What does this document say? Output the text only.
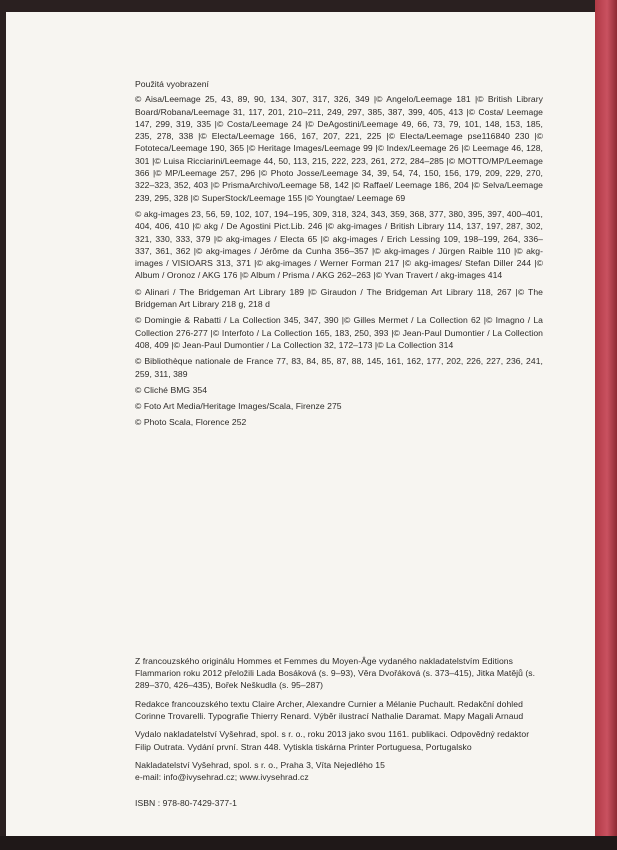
Použitá vyobrazení

© Aisa/Leemage 25, 43, 89, 90, 134, 307, 317, 326, 349 |© Angelo/Leemage 181 |© British Library Board/Robana/Leemage 31, 117, 201, 210–211, 249, 297, 385, 387, 399, 405, 413 |© Costa/ Leemage 147, 299, 319, 335 |© Costa/Leemage 24 |© DeAgostini/Leemage 49, 66, 73, 79, 101, 148, 153, 185, 235, 278, 338 |© Electa/Leemage 166, 167, 207, 221, 225 |© Electa/Leemage pse116840 230 |© Fototeca/Leemage 190, 365 |© Heritage Images/Leemage 99 |© Index/Leemage 26 |© Leemage 46, 128, 301 |© Luisa Ricciarini/Leemage 44, 50, 113, 215, 222, 223, 261, 272, 284–285 |© MOTTO/MP/Leemage 366 |© MP/Leemage 257, 296 |© Photo Josse/Leemage 34, 39, 54, 74, 150, 156, 179, 209, 229, 270, 322–323, 352, 403 |© PrismaArchivo/Leemage 58, 142 |© Raffael/ Leemage 186, 204 |© Selva/Leemage 239, 295, 328 |© SuperStock/Leemage 155 |© Youngtae/ Leemage 69

© akg-images 23, 56, 59, 102, 107, 194–195, 309, 318, 324, 343, 359, 368, 377, 380, 395, 397, 400–401, 404, 406, 410 |© akg / De Agostini Pict.Lib. 246 |© akg-images / British Library 114, 137, 197, 287, 302, 321, 330, 333, 379 |© akg-images / Electa 65 |© akg-images / Erich Lessing 109, 198–199, 264, 336–337, 361, 362 |© akg-images / Jérôme da Cunha 356–357 |© akg-images / Jürgen Raible 110 |© akg-images / VISIOARS 313, 371 |© akg-images / Werner Forman 217 |© akg-images/ Stefan Diller 244 |© Album / Oronoz / AKG 176 |© Album / Prisma / AKG 262–263 |© Yvan Travert / akg-images 414

© Alinari / The Bridgeman Art Library 189 |© Giraudon / The Bridgeman Art Library 118, 267 |© The Bridgeman Art Library 218 g, 218 d

© Domingie & Rabatti / La Collection 345, 347, 390 |© Gilles Mermet / La Collection 62 |© Imagno / La Collection 276-277 |© Interfoto / La Collection 165, 183, 250, 393 |© Jean-Paul Dumontier / La Collection 408, 409 |© Jean-Paul Dumontier / La Collection 32, 172–173 |© La Collection 314

© Bibliothèque nationale de France 77, 83, 84, 85, 87, 88, 145, 161, 162, 177, 202, 226, 227, 236, 241, 259, 311, 389

© Cliché BMG 354

© Foto Art Media/Heritage Images/Scala, Firenze 275

© Photo Scala, Florence 252

Z francouzského originálu Hommes et Femmes du Moyen-Âge vydaného nakladatelstvím Editions Flammarion roku 2012 přeložili Lada Bosáková (s. 9–93), Věra Dvořáková (s. 373–415), Jitka Matějů (s. 289–370, 426–435), Bořek Neškudla (s. 95–287)

Redakce francouzského textu Claire Archer, Alexandre Curnier a Mélanie Puchault. Redakční dohled Corinne Trovarelli. Typografie Thierry Renard. Výběr ilustrací Nathalie Daramat. Mapy Magali Arnaud

Vydalo nakladatelství Vyšehrad, spol. s r. o., roku 2013 jako svou 1161. publikaci. Odpovědný redaktor Filip Outrata. Vydání první. Stran 448. Vytiskla tiskárna Printer Portuguesa, Portugalsko

Nakladatelství Vyšehrad, spol. s r. o., Praha 3, Víta Nejedlého 15
e-mail: info@ivysehrad.cz; www.ivysehrad.cz
ISBN : 978-80-7429-377-1
